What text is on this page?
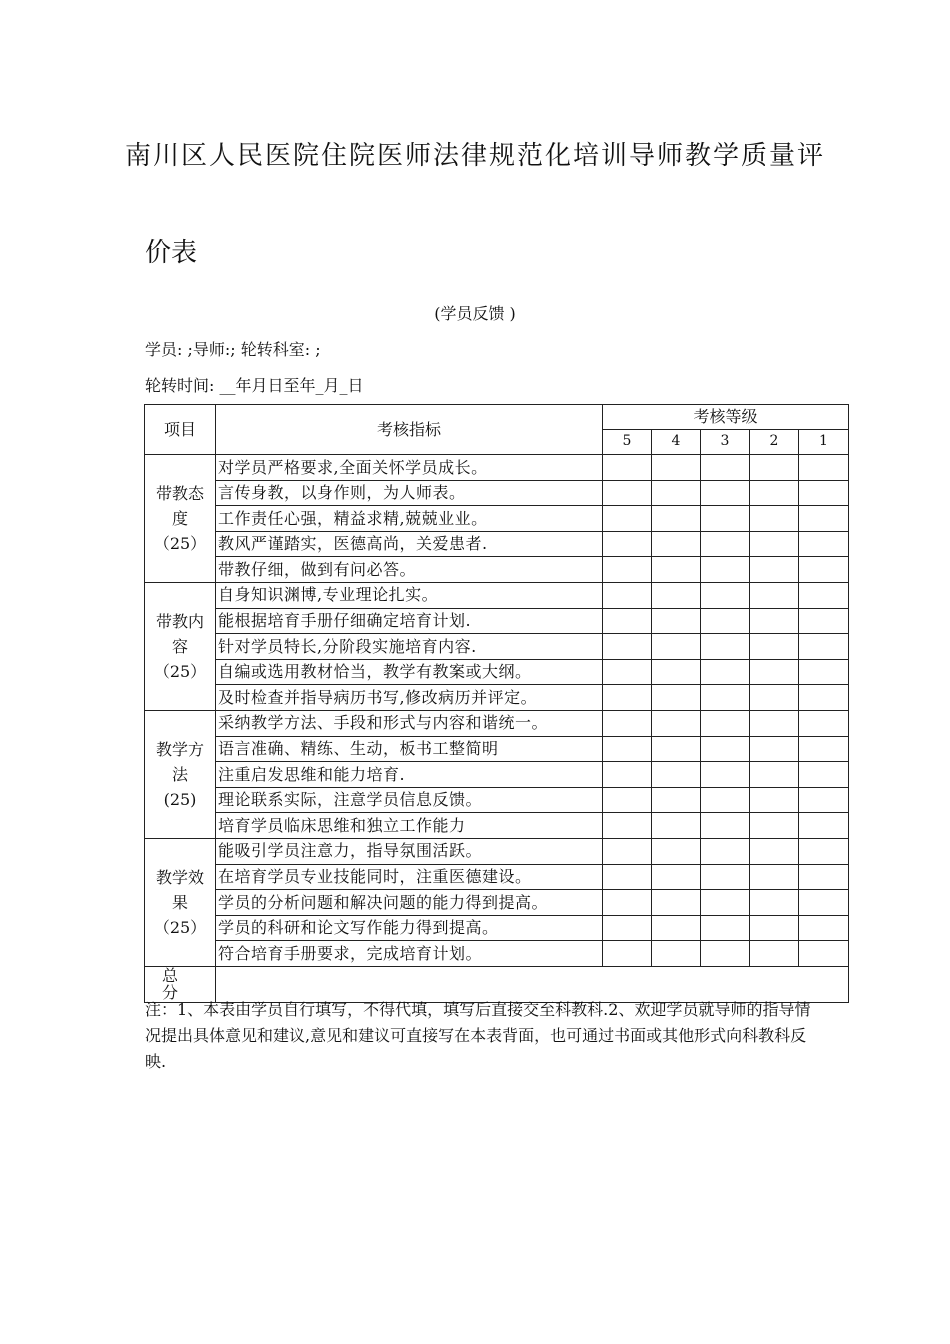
南川区人民医院住院医师法律规范化培训导师教学质量评
价表
(学员反馈 )
学员: ;导师:; 轮转科室: ;
轮转时间: __年月日至年_月_日
项目	考核指标	考核等级				
		5	4	3	2	1

带教态
度
（25）	对学员严格要求,全面关怀学员成长。					
	言传身教，以身作则，为人师表。					
	工作责任心强，精益求精,兢兢业业。					
	教风严谨踏实，医德高尚，关爱患者.					
	带教仔细，做到有问必答。					

带教内
容
（25）	自身知识渊博,专业理论扎实。					
	能根据培育手册仔细确定培育计划.					
	针对学员特长,分阶段实施培育内容.					
	自编或选用教材恰当，教学有教案或大纲。					
	及时检查并指导病历书写,修改病历并评定。					

教学方
法
(25)	采纳教学方法、手段和形式与内容和谐统一。					
	语言准确、精练、生动，板书工整简明					
	注重启发思维和能力培育.					
	理论联系实际，注意学员信息反馈。					
	培育学员临床思维和独立工作能力					

教学效
果
（25）	能吸引学员注意力，指导氛围活跃。					
	在培育学员专业技能同时，注重医德建设。					
	学员的分析问题和解决问题的能力得到提高。					
	学员的科研和论文写作能力得到提高。					
	符合培育手册要求，完成培育计划。					
总 分						
注：1、本表由学员自行填写，不得代填，填写后直接交至科教科.2、欢迎学员就导师的指导情况提出具体意见和建议,意见和建议可直接写在本表背面，也可通过书面或其他形式向科教科反映.
